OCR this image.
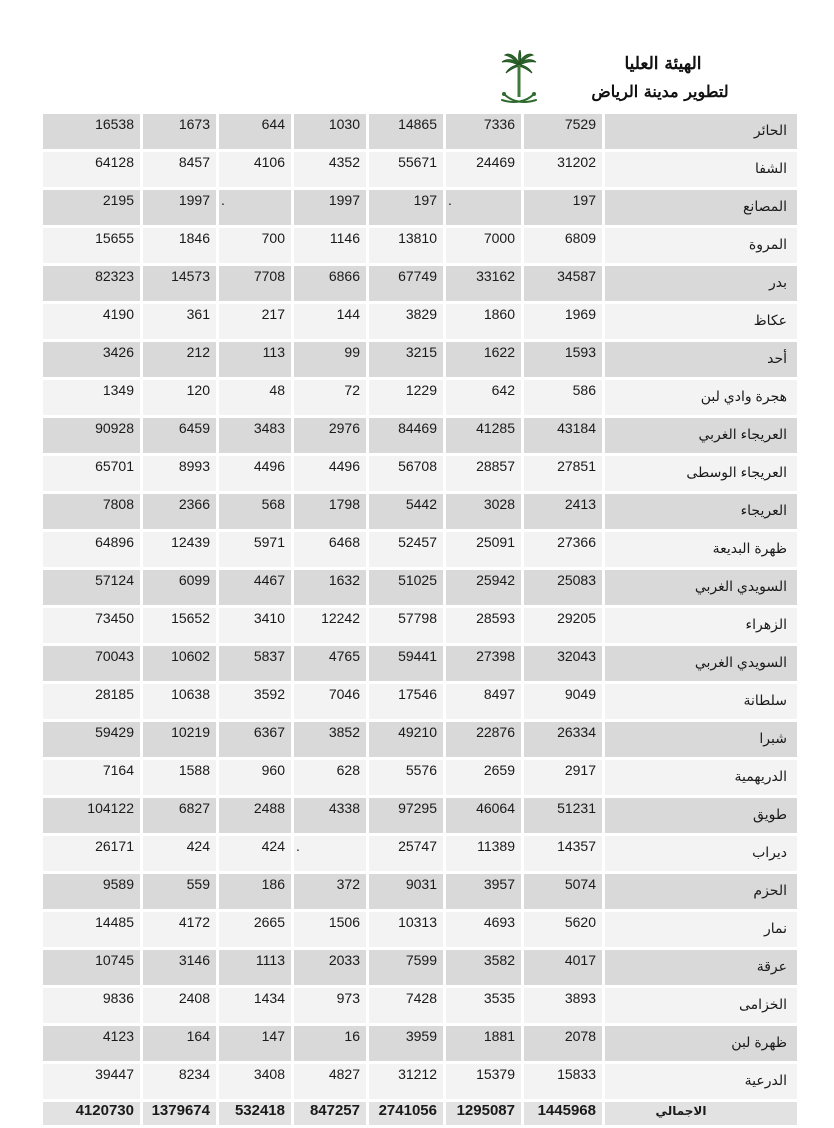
الهيئة العليا
لتطوير مدينة الرياض
16538	1673	644	1030	14865	7336	7529	الحائر
64128	8457	4106	4352	55671	24469	31202	الشفا
2195	1997	.	1997	197	.	197	المصانع
15655	1846	700	1146	13810	7000	6809	المروة
82323	14573	7708	6866	67749	33162	34587	بدر
4190	361	217	144	3829	1860	1969	عكاظ
3426	212	113	99	3215	1622	1593	أحد
1349	120	48	72	1229	642	586	هجرة وادي لبن
90928	6459	3483	2976	84469	41285	43184	العريجاء الغربي
65701	8993	4496	4496	56708	28857	27851	العريجاء الوسطى
7808	2366	568	1798	5442	3028	2413	العريجاء
64896	12439	5971	6468	52457	25091	27366	ظهرة البديعة
57124	6099	4467	1632	51025	25942	25083	السويدي الغربي
73450	15652	3410	12242	57798	28593	29205	الزهراء
70043	10602	5837	4765	59441	27398	32043	السويدي الغربي
28185	10638	3592	7046	17546	8497	9049	سلطانة
59429	10219	6367	3852	49210	22876	26334	شبرا
7164	1588	960	628	5576	2659	2917	الدريهمية
104122	6827	2488	4338	97295	46064	51231	طويق
26171	424	424	.	25747	11389	14357	ديراب
9589	559	186	372	9031	3957	5074	الحزم
14485	4172	2665	1506	10313	4693	5620	نمار
10745	3146	1113	2033	7599	3582	4017	عرقة
9836	2408	1434	973	7428	3535	3893	الخزامى
4123	164	147	16	3959	1881	2078	ظهرة لبن
39447	8234	3408	4827	31212	15379	15833	الدرعية
4120730	1379674	532418	847257	2741056	1295087	1445968	الاجمالي
